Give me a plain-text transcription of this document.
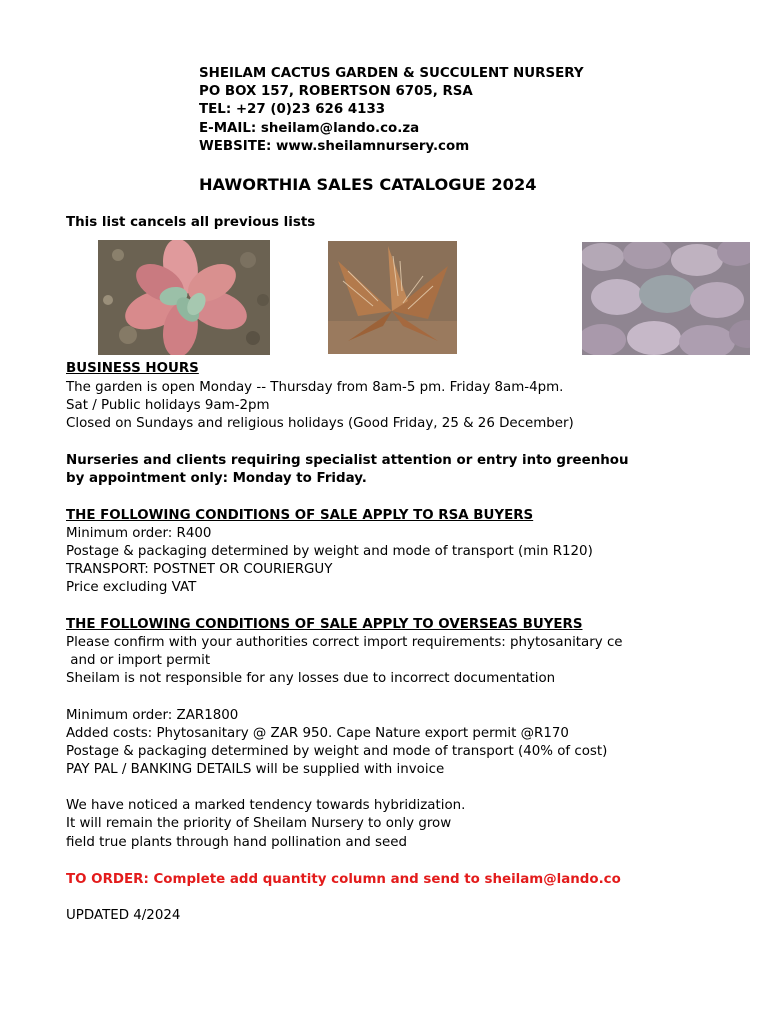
SHEILAM CACTUS GARDEN & SUCCULENT NURSERY
PO BOX 157, ROBERTSON 6705, RSA
TEL: +27 (0)23 626 4133
E-MAIL: sheilam@lando.co.za
WEBSITE: www.sheilamnursery.com
HAWORTHIA SALES CATALOGUE 2024
This list cancels all previous lists
BUSINESS HOURS
The garden is open Monday -- Thursday from 8am-5 pm. Friday 8am-4pm.
Sat / Public holidays 9am-2pm
Closed on Sundays and religious holidays (Good Friday, 25 & 26 December)
Nurseries and clients requiring specialist attention or entry into greenhou
by appointment only: Monday to Friday.
THE FOLLOWING CONDITIONS OF SALE APPLY TO RSA BUYERS
Minimum order: R400
Postage & packaging determined by weight and mode of transport (min R120)
TRANSPORT: POSTNET OR COURIERGUY
Price excluding VAT
THE FOLLOWING CONDITIONS OF SALE APPLY TO OVERSEAS BUYERS
Please confirm with your authorities correct import requirements: phytosanitary ce
and or import permit
Sheilam is not responsible for any losses due to incorrect documentation
Minimum order: ZAR1800
Added costs: Phytosanitary @ ZAR 950. Cape Nature export permit @R170
Postage & packaging determined by weight and mode of transport (40% of cost)
PAY PAL / BANKING DETAILS will be supplied with invoice
We have noticed a marked tendency towards hybridization.
It will remain the priority of Sheilam Nursery to only grow
field true plants through hand pollination and seed
TO ORDER: Complete add quantity column and send to sheilam@lando.co
UPDATED 4/2024
